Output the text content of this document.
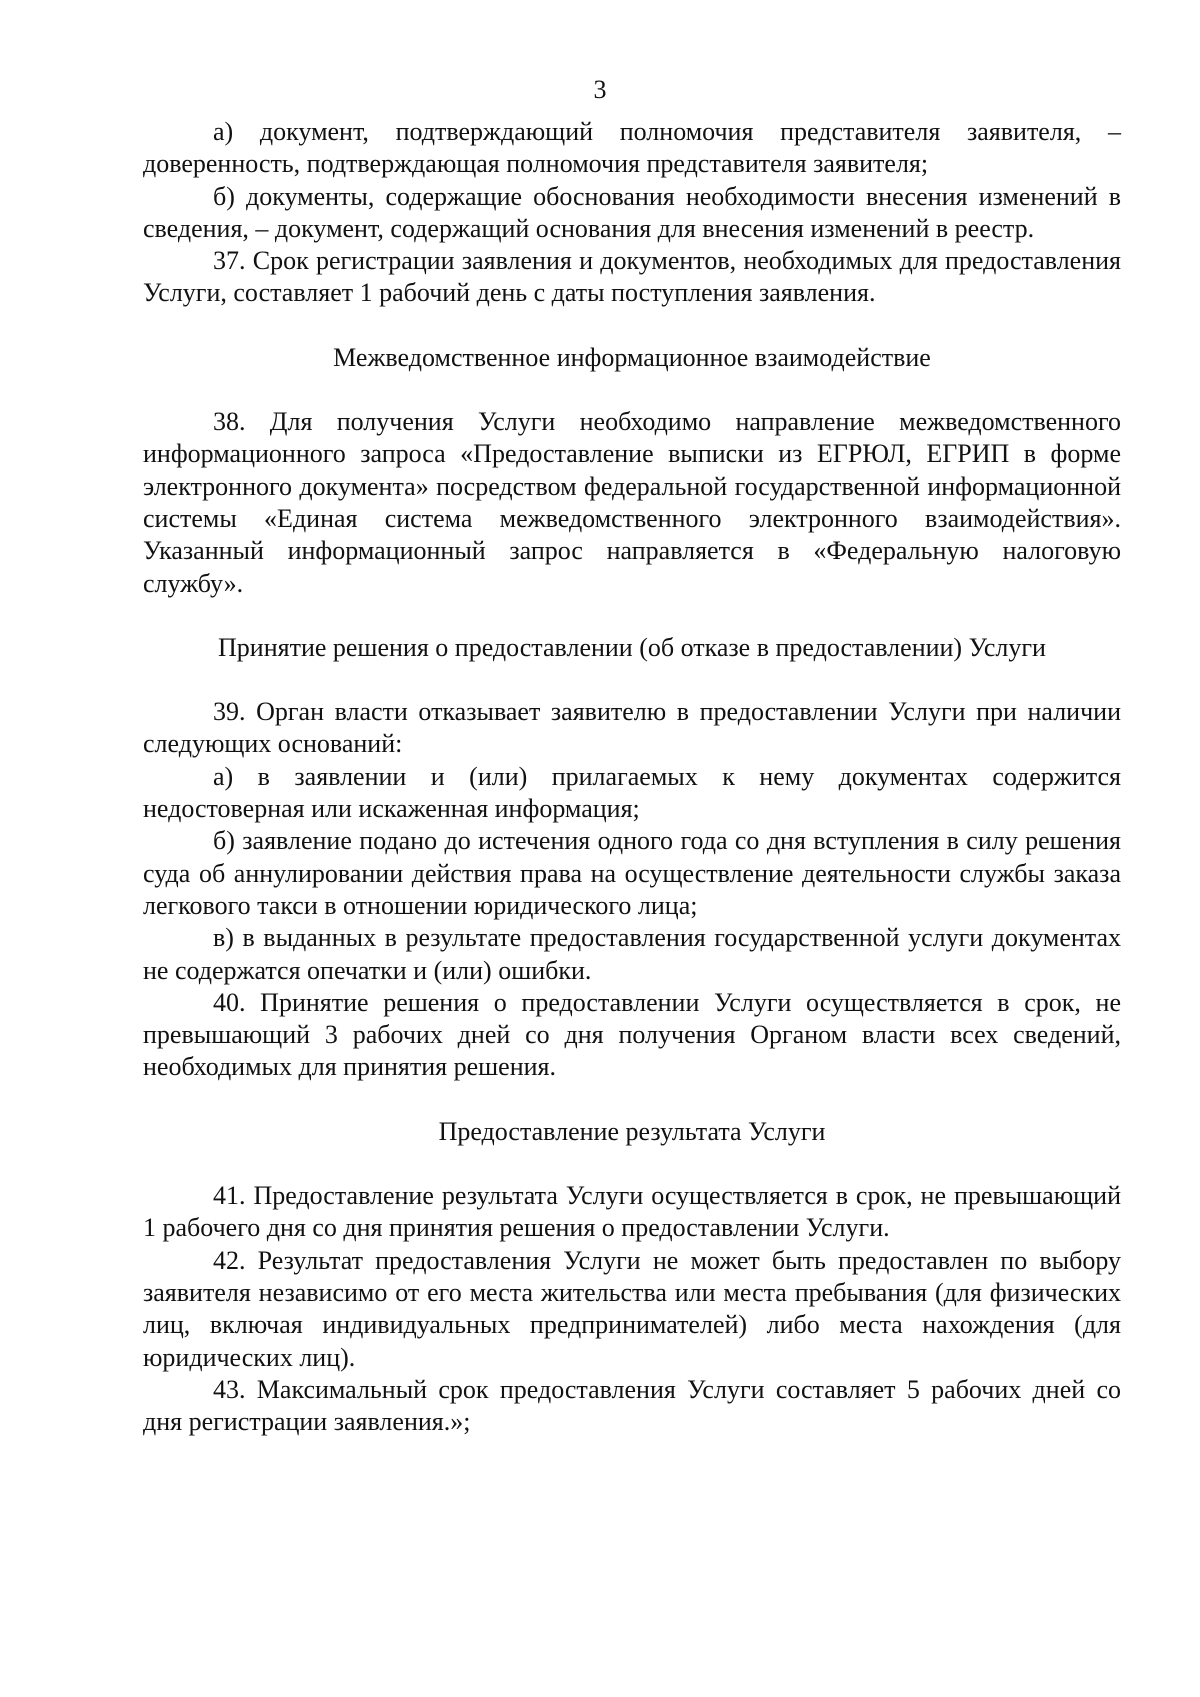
3

а) документ, подтверждающий полномочия представителя заявителя, – доверенность, подтверждающая полномочия представителя заявителя;

б) документы, содержащие обоснования необходимости внесения изменений в сведения, – документ, содержащий основания для внесения изменений в реестр.

37. Срок регистрации заявления и документов, необходимых для предоставления Услуги, составляет 1 рабочий день с даты поступления заявления.

Межведомственное информационное взаимодействие

38. Для получения Услуги необходимо направление межведомственного информационного запроса «Предоставление выписки из ЕГРЮЛ, ЕГРИП в форме электронного документа» посредством федеральной государственной информационной системы «Единая система межведомственного электронного взаимодействия». Указанный информационный запрос направляется в «Федеральную налоговую службу».

Принятие решения о предоставлении (об отказе в предоставлении) Услуги

39. Орган власти отказывает заявителю в предоставлении Услуги при наличии следующих оснований:

а) в заявлении и (или) прилагаемых к нему документах содержится недостоверная или искаженная информация;

б) заявление подано до истечения одного года со дня вступления в силу решения суда об аннулировании действия права на осуществление деятельности службы заказа легкового такси в отношении юридического лица;

в) в выданных в результате предоставления государственной услуги документах не содержатся опечатки и (или) ошибки.

40. Принятие решения о предоставлении Услуги осуществляется в срок, не превышающий 3 рабочих дней со дня получения Органом власти всех сведений, необходимых для принятия решения.

Предоставление результата Услуги

41. Предоставление результата Услуги осуществляется в срок, не превышающий 1 рабочего дня со дня принятия решения о предоставлении Услуги.

42. Результат предоставления Услуги не может быть предоставлен по выбору заявителя независимо от его места жительства или места пребывания (для физических лиц, включая индивидуальных предпринимателей) либо места нахождения (для юридических лиц).

43. Максимальный срок предоставления Услуги составляет 5 рабочих дней со дня регистрации заявления.»;
